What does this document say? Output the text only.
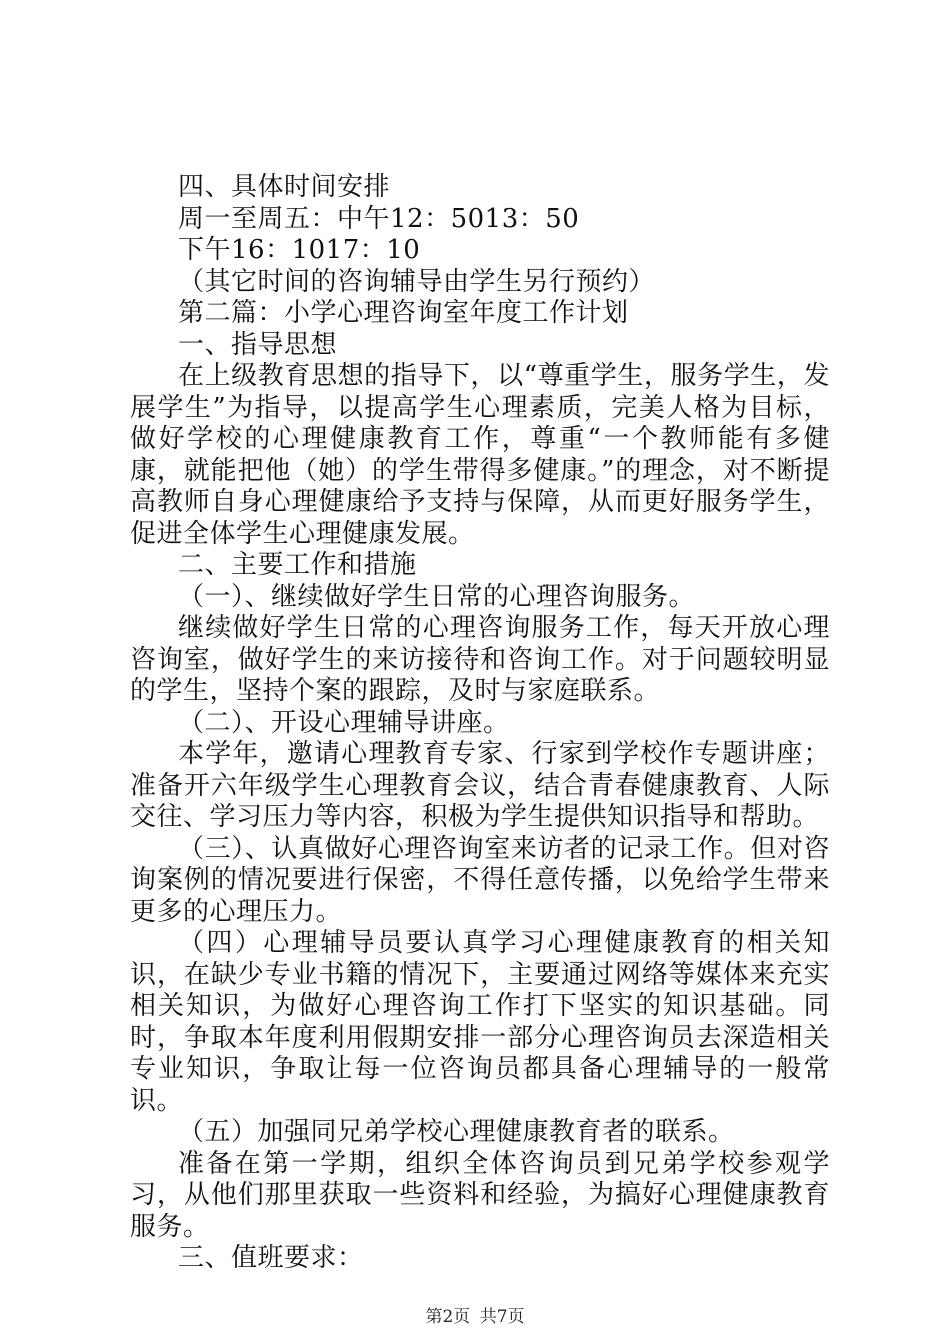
四、具体时间安排

周一至周五：中午12：5013：50

下午16：1017：10

（其它时间的咨询辅导由学生另行预约）

第二篇：小学心理咨询室年度工作计划

一、指导思想

在上级教育思想的指导下，以“尊重学生，服务学生，发展学生”为指导，以提高学生心理素质，完美人格为目标，做好学校的心理健康教育工作，尊重“一个教师能有多健康，就能把他（她）的学生带得多健康。”的理念，对不断提高教师自身心理健康给予支持与保障，从而更好服务学生，促进全体学生心理健康发展。

二、主要工作和措施

（一）、继续做好学生日常的心理咨询服务。

继续做好学生日常的心理咨询服务工作，每天开放心理咨询室，做好学生的来访接待和咨询工作。对于问题较明显的学生，坚持个案的跟踪，及时与家庭联系。

（二）、开设心理辅导讲座。

本学年，邀请心理教育专家、行家到学校作专题讲座；准备开六年级学生心理教育会议，结合青春健康教育、人际交往、学习压力等内容，积极为学生提供知识指导和帮助。

（三）、认真做好心理咨询室来访者的记录工作。但对咨询案例的情况要进行保密，不得任意传播，以免给学生带来更多的心理压力。

（四）心理辅导员要认真学习心理健康教育的相关知识，在缺少专业书籍的情况下，主要通过网络等媒体来充实相关知识，为做好心理咨询工作打下坚实的知识基础。同时，争取本年度利用假期安排一部分心理咨询员去深造相关专业知识，争取让每一位咨询员都具备心理辅导的一般常识。

（五）加强同兄弟学校心理健康教育者的联系。

准备在第一学期，组织全体咨询员到兄弟学校参观学习，从他们那里获取一些资料和经验，为搞好心理健康教育服务。

三、值班要求：

第2页 共7页
